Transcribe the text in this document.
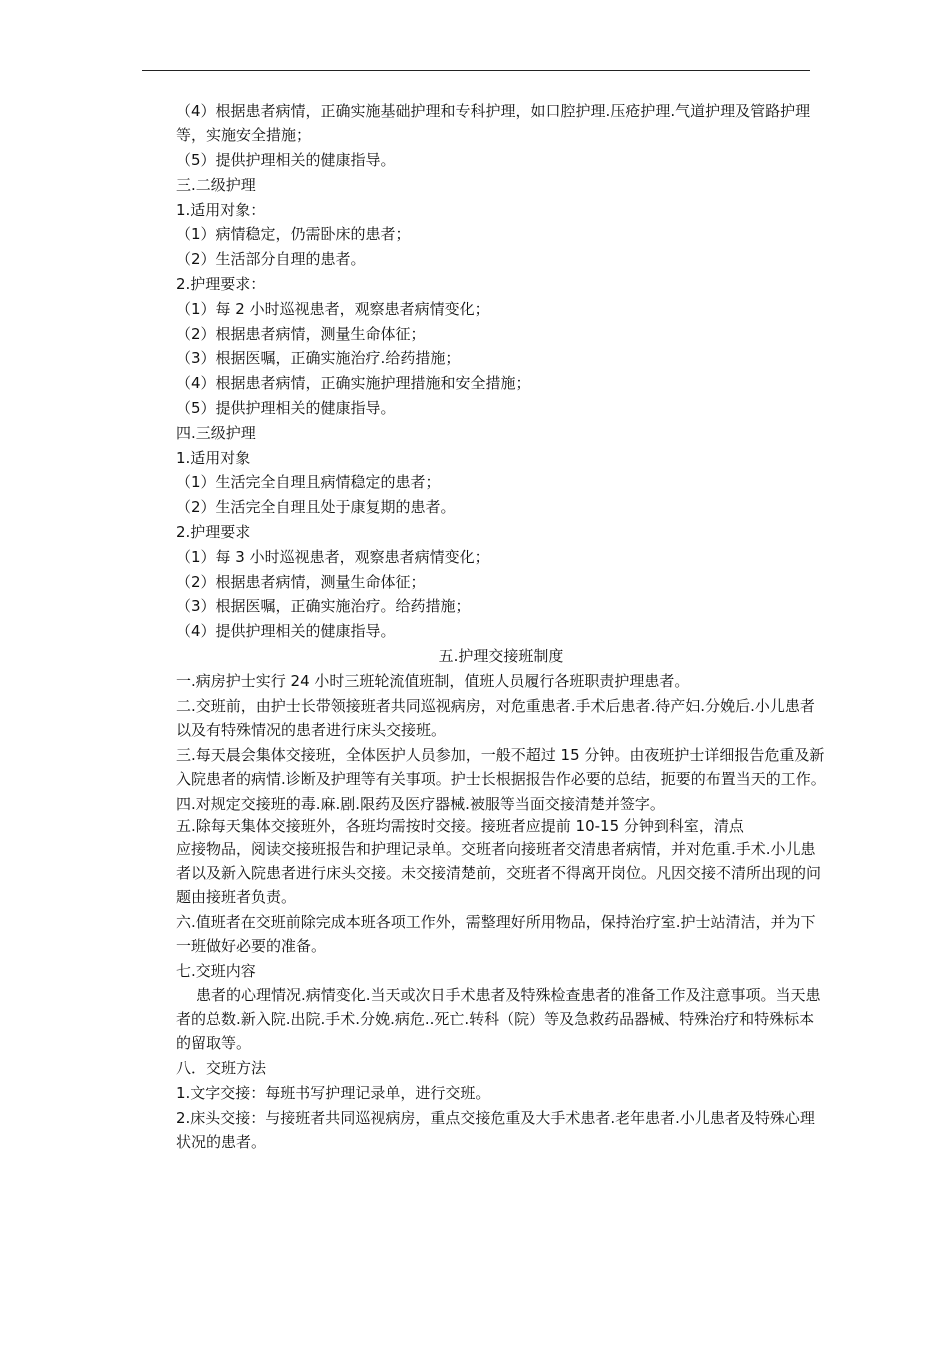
（4）根据患者病情，正确实施基础护理和专科护理，如口腔护理.压疮护理.气道护理及管路护理等，实施安全措施；

（5）提供护理相关的健康指导。

三.二级护理

1.适用对象：

（1）病情稳定，仍需卧床的患者；

（2）生活部分自理的患者。

2.护理要求：

（1）每 2 小时巡视患者，观察患者病情变化；

（2）根据患者病情，测量生命体征；

（3）根据医嘱，正确实施治疗.给药措施；

（4）根据患者病情，正确实施护理措施和安全措施；

（5）提供护理相关的健康指导。

四.三级护理

1.适用对象

（1）生活完全自理且病情稳定的患者；

（2）生活完全自理且处于康复期的患者。

2.护理要求

（1）每 3 小时巡视患者，观察患者病情变化；

（2）根据患者病情，测量生命体征；

（3）根据医嘱，正确实施治疗。给药措施；

（4）提供护理相关的健康指导。

五.护理交接班制度

一.病房护士实行 24 小时三班轮流值班制，值班人员履行各班职责护理患者。

二.交班前，由护士长带领接班者共同巡视病房，对危重患者.手术后患者.待产妇.分娩后.小儿患者以及有特殊情况的患者进行床头交接班。

三.每天晨会集体交接班，全体医护人员参加，一般不超过 15 分钟。由夜班护士详细报告危重及新入院患者的病情.诊断及护理等有关事项。护士长根据报告作必要的总结，扼要的布置当天的工作。

四.对规定交接班的毒.麻.剧.限药及医疗器械.被服等当面交接清楚并签字。

五.除每天集体交接班外，各班均需按时交接。接班者应提前 10-15 分钟到科室，清点

应接物品，阅读交接班报告和护理记录单。交班者向接班者交清患者病情，并对危重.手术.小儿患者以及新入院患者进行床头交接。未交接清楚前，交班者不得离开岗位。凡因交接不清所出现的问题由接班者负责。

六.值班者在交班前除完成本班各项工作外，需整理好所用物品，保持治疗室.护士站清洁，并为下一班做好必要的准备。

七.交班内容

患者的心理情况.病情变化.当天或次日手术患者及特殊检查患者的准备工作及注意事项。当天患者的总数.新入院.出院.手术.分娩.病危..死亡.转科（院）等及急救药品器械、特殊治疗和特殊标本的留取等。

八．交班方法

1.文字交接：每班书写护理记录单，进行交班。

2.床头交接：与接班者共同巡视病房，重点交接危重及大手术患者.老年患者.小儿患者及特殊心理状况的患者。
